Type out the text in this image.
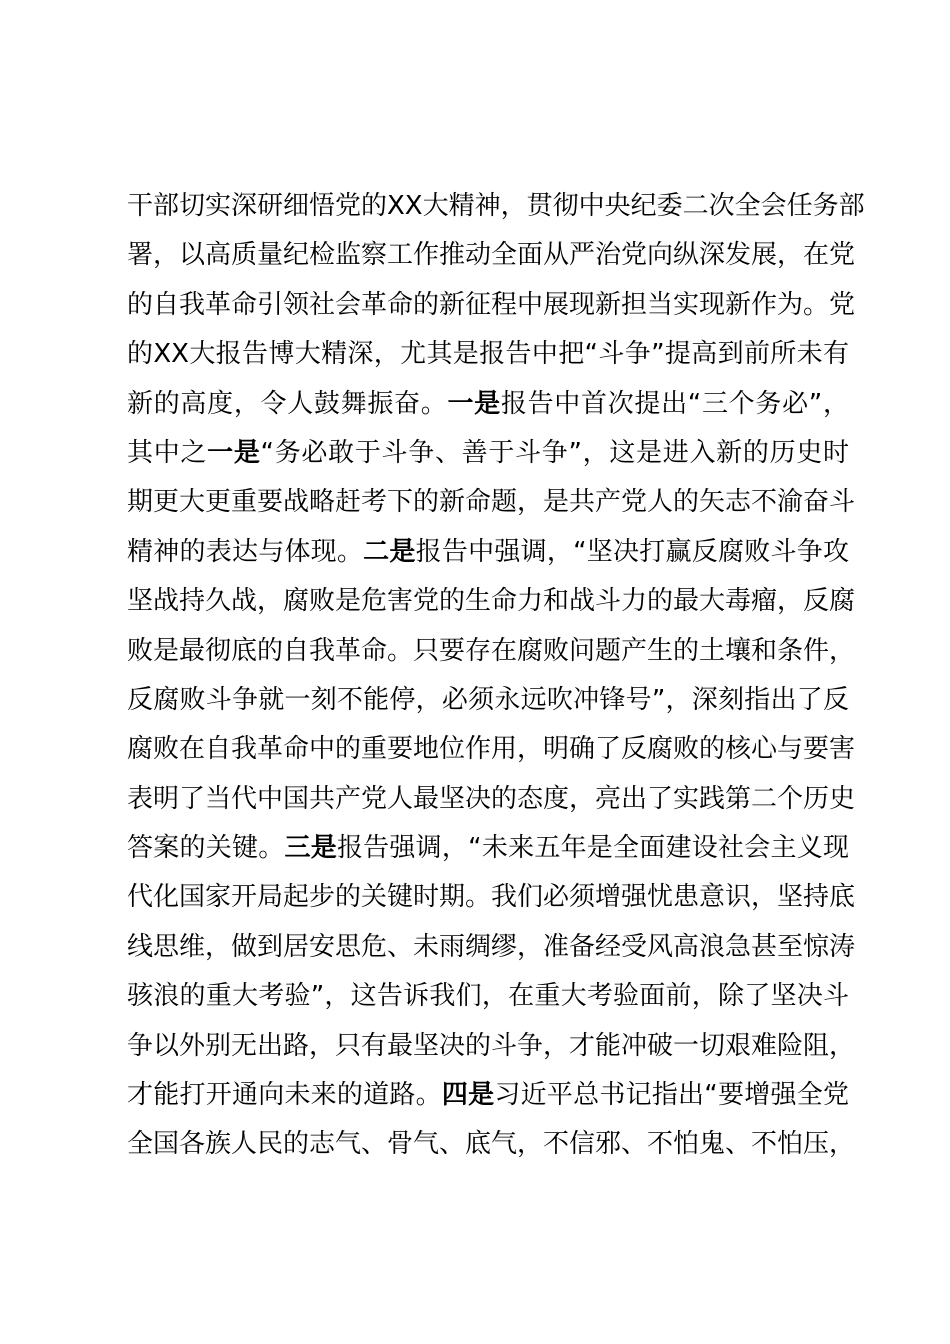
干部切实深研细悟党的XX大精神，贯彻中央纪委二次全会任务部
署，以高质量纪检监察工作推动全面从严治党向纵深发展，在党
的自我革命引领社会革命的新征程中展现新担当实现新作为。党
的XX大报告博大精深，尤其是报告中把“斗争”提高到前所未有
新的高度，令人鼓舞振奋。一是报告中首次提出“三个务必”，
其中之一是“务必敢于斗争、善于斗争”，这是进入新的历史时
期更大更重要战略赶考下的新命题，是共产党人的矢志不渝奋斗
精神的表达与体现。二是报告中强调，“坚决打赢反腐败斗争攻
坚战持久战，腐败是危害党的生命力和战斗力的最大毒瘤，反腐
败是最彻底的自我革命。只要存在腐败问题产生的土壤和条件，
反腐败斗争就一刻不能停，必须永远吹冲锋号”，深刻指出了反
腐败在自我革命中的重要地位作用，明确了反腐败的核心与要害
表明了当代中国共产党人最坚决的态度，亮出了实践第二个历史
答案的关键。三是报告强调，“未来五年是全面建设社会主义现
代化国家开局起步的关键时期。我们必须增强忧患意识，坚持底
线思维，做到居安思危、未雨绸缪，准备经受风高浪急甚至惊涛
骇浪的重大考验”，这告诉我们，在重大考验面前，除了坚决斗
争以外别无出路，只有最坚决的斗争，才能冲破一切艰难险阻，
才能打开通向未来的道路。四是习近平总书记指出“要增强全党
全国各族人民的志气、骨气、底气，不信邪、不怕鬼、不怕压，
